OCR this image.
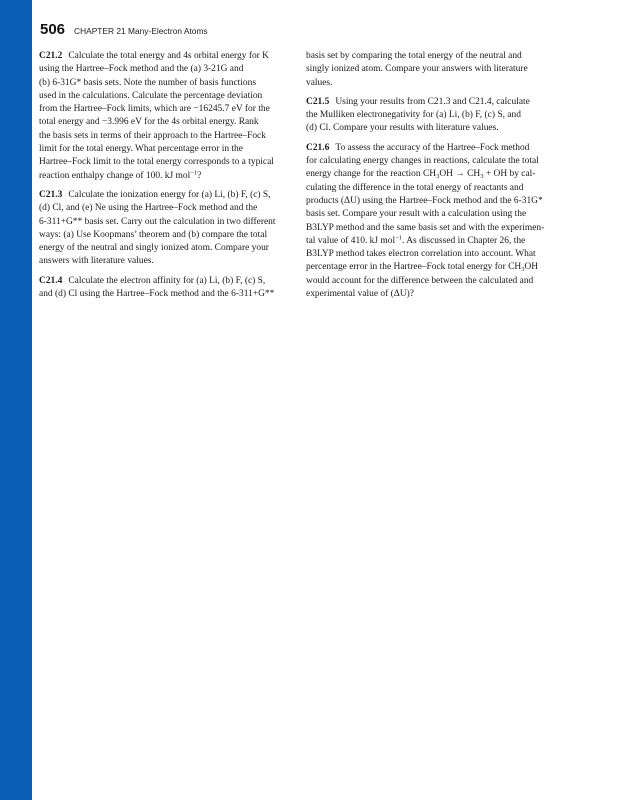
506 CHAPTER 21 Many-Electron Atoms
C21.2 Calculate the total energy and 4s orbital energy for K
using the Hartree–Fock method and the (a) 3-21G and
(b) 6-31G* basis sets. Note the number of basis functions
used in the calculations. Calculate the percentage deviation
from the Hartree–Fock limits, which are −16245.7 eV for the
total energy and −3.996 eV for the 4s orbital energy. Rank
the basis sets in terms of their approach to the Hartree–Fock
limit for the total energy. What percentage error in the
Hartree–Fock limit to the total energy corresponds to a typical
reaction enthalpy change of 100. kJ mol$^{-1}$?
C21.3 Calculate the ionization energy for (a) Li, (b) F, (c) S,
(d) Cl, and (e) Ne using the Hartree–Fock method and the
6-311+G** basis set. Carry out the calculation in two different
ways: (a) Use Koopmans’ theorem and (b) compare the total
energy of the neutral and singly ionized atom. Compare your
answers with literature values.
C21.4 Calculate the electron affinity for (a) Li, (b) F, (c) S,
and (d) Cl using the Hartree–Fock method and the 6-311+G**
basis set by comparing the total energy of the neutral and
singly ionized atom. Compare your answers with literature
values.
C21.5 Using your results from C21.3 and C21.4, calculate
the Mulliken electronegativity for (a) Li, (b) F, (c) S, and
(d) Cl. Compare your results with literature values.
C21.6 To assess the accuracy of the Hartree–Fock method
for calculating energy changes in reactions, calculate the total
energy change for the reaction $CH_3OH \to CH_3$ + OH by cal-
culating the difference in the total energy of reactants and
products (ΔU) using the Hartree–Fock method and the 6-31G*
basis set. Compare your result with a calculation using the
B3LYP method and the same basis set and with the experimen-
tal value of 410. kJ mol$^{-1}$. As discussed in Chapter 26, the
B3LYP method takes electron correlation into account. What
percentage error in the Hartree–Fock total energy for $CH_3OH$
would account for the difference between the calculated and
experimental value of (ΔU)?
